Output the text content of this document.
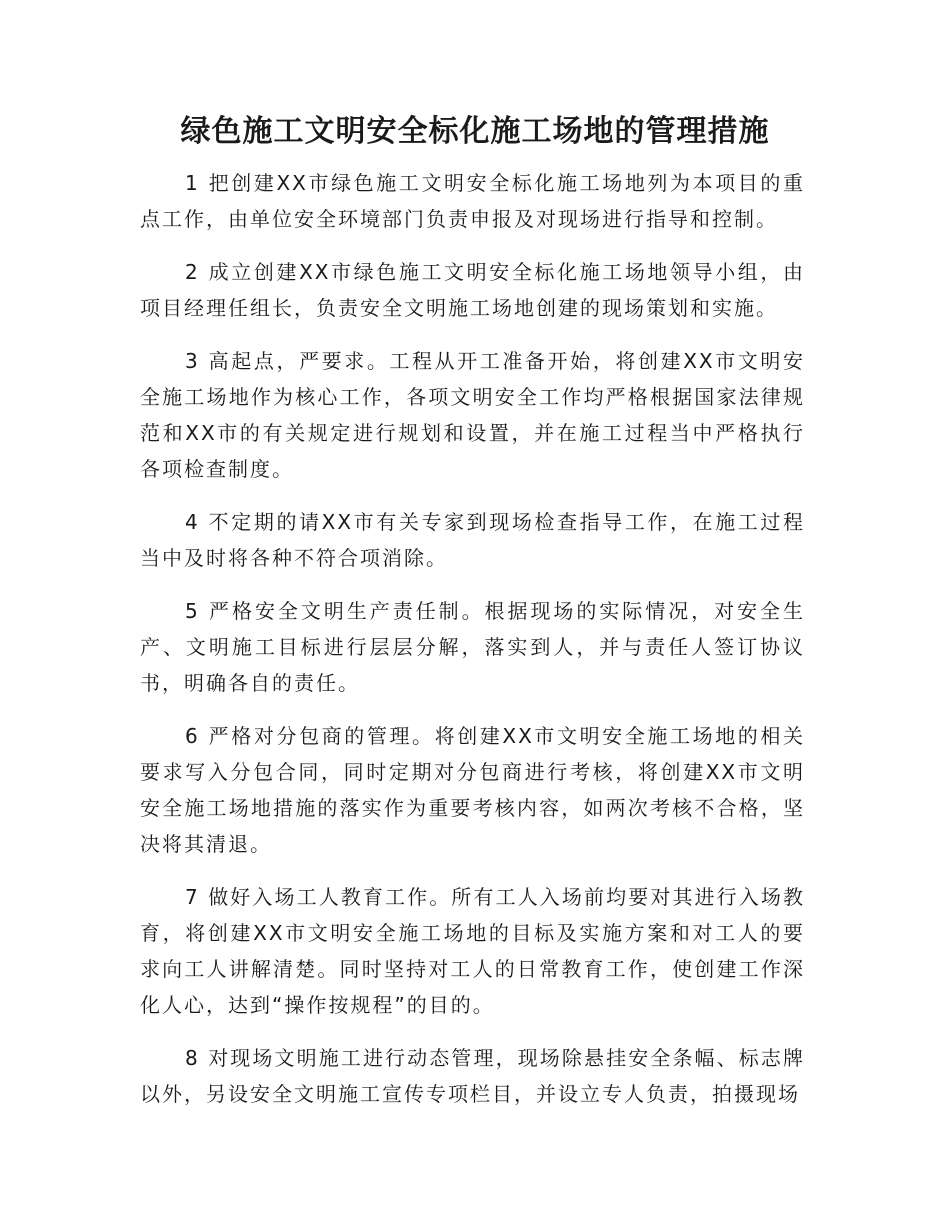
绿色施工文明安全标化施工场地的管理措施

1 把创建XX市绿色施工文明安全标化施工场地列为本项目的重点工作，由单位安全环境部门负责申报及对现场进行指导和控制。

2 成立创建XX市绿色施工文明安全标化施工场地领导小组，由项目经理任组长，负责安全文明施工场地创建的现场策划和实施。

3 高起点，严要求。工程从开工准备开始，将创建XX市文明安全施工场地作为核心工作，各项文明安全工作均严格根据国家法律规范和XX市的有关规定进行规划和设置，并在施工过程当中严格执行各项检查制度。

4 不定期的请XX市有关专家到现场检查指导工作，在施工过程当中及时将各种不符合项消除。

5 严格安全文明生产责任制。根据现场的实际情况，对安全生产、文明施工目标进行层层分解，落实到人，并与责任人签订协议书，明确各自的责任。

6 严格对分包商的管理。将创建XX市文明安全施工场地的相关要求写入分包合同，同时定期对分包商进行考核，将创建XX市文明安全施工场地措施的落实作为重要考核内容，如两次考核不合格，坚决将其清退。

7 做好入场工人教育工作。所有工人入场前均要对其进行入场教育，将创建XX市文明安全施工场地的目标及实施方案和对工人的要求向工人讲解清楚。同时坚持对工人的日常教育工作，使创建工作深化人心，达到“操作按规程”的目的。

8 对现场文明施工进行动态管理，现场除悬挂安全条幅、标志牌以外，另设安全文明施工宣传专项栏目，并设立专人负责，拍摄现场
